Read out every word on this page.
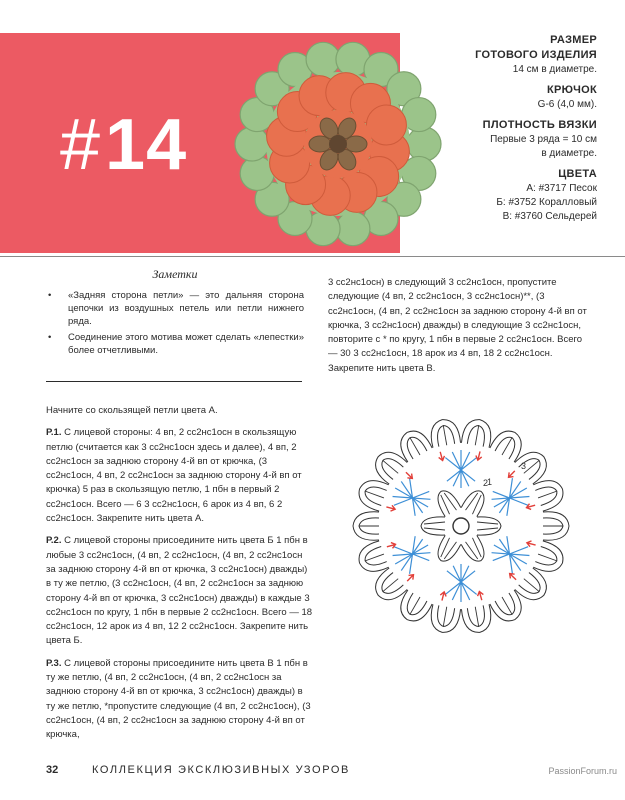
#14
РАЗМЕР
ГОТОВОГО ИЗДЕЛИЯ

14 см в диаметре.

КРЮЧОК

G-6 (4,0 мм).

ПЛОТНОСТЬ ВЯЗКИ

Первые 3 ряда = 10 см
в диаметре.

ЦВЕТА

А: #3717 Песок

Б: #3752 Коралловый

В: #3760 Сельдерей

Заметки
• «Задняя сторона петли» — это дальняя сторона цепочки из воздушных петель или петли нижнего ряда.
• Соединение этого мотива может сделать «лепестки» более отчетливыми.
3 сс2нс1осн) в следующий 3 сс2нс1осн, пропустите следующие (4 вп, 2 сс2нс1осн, 3 сс2нс1осн)**, (3 сс2нс1осн, (4 вп, 2 сс2нс1осн за заднюю сторону 4-й вп от крючка, 3 сс2нс1осн) дважды) в следующие 3 сс2нс1осн, повторите с * по кругу, 1 пбн в первые 2 сс2нс1осн. Всего — 30 3 сс2нс1осн, 18 арок из 4 вп, 18 2 сс2нс1осн. Закрепите нить цвета В.

Начните со скользящей петли цвета А.

Р.1. С лицевой стороны: 4 вп, 2 сс2нс1осн в скользящую петлю (считается как 3 сс2нс1осн здесь и далее), 4 вп, 2 сс2нс1осн за заднюю сторону 4-й вп от крючка, (3 сс2нс1осн, 4 вп, 2 сс2нс1осн за заднюю сторону 4-й вп от крючка) 5 раз в скользящую петлю, 1 пбн в первый 2 сс2нс1осн. Всего — 6 3 сс2нс1осн, 6 арок из 4 вп, 6 2 сс2нс1осн. Закрепите нить цвета А.

Р.2. С лицевой стороны присоедините нить цвета Б 1 пбн в любые 3 сс2нс1осн, (4 вп, 2 сс2нс1осн, (4 вп, 2 сс2нс1осн за заднюю сторону 4-й вп от крючка, 3 сс2нс1осн) дважды) в ту же петлю, (3 сс2нс1осн, (4 вп, 2 сс2нс1осн за заднюю сторону 4-й вп от крючка, 3 сс2нс1осн) дважды) в каждые 3 сс2нс1осн по кругу, 1 пбн в первые 2 сс2нс1осн. Всего — 18 сс2нс1осн, 12 арок из 4 вп, 12 2 сс2нс1осн. Закрепите нить цвета Б.

Р.3. С лицевой стороны присоедините нить цвета В 1 пбн в ту же петлю, (4 вп, 2 сс2нс1осн, (4 вп, 2 сс2нс1осн за заднюю сторону 4-й вп от крючка, 3 сс2нс1осн) дважды) в ту же петлю, *пропустите следующие (4 вп, 2 сс2нс1осн), (3 сс2нс1осн, (4 вп, 2 сс2нс1осн за заднюю сторону 4-й вп от крючка,

1
2
3
32	КОЛЛЕКЦИЯ ЭКСКЛЮЗИВНЫХ УЗОРОВ	PassionForum.ru
